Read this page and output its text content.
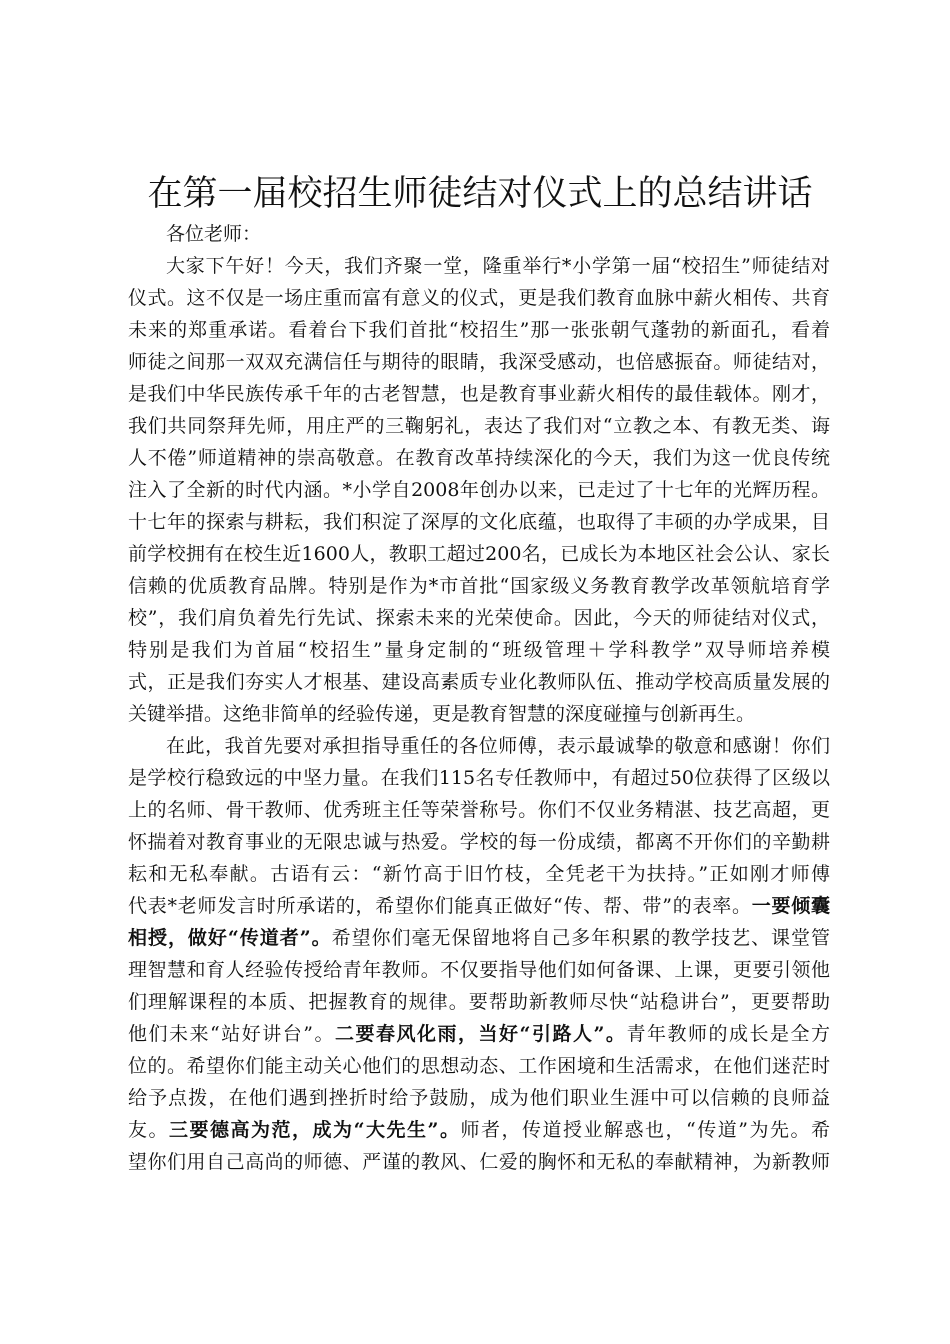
在第一届校招生师徒结对仪式上的总结讲话
各位老师：
大家下午好！今天，我们齐聚一堂，隆重举行*小学第一届“校招生”师徒结对
仪式。这不仅是一场庄重而富有意义的仪式，更是我们教育血脉中薪火相传、共育
未来的郑重承诺。看着台下我们首批“校招生”那一张张朝气蓬勃的新面孔，看着
师徒之间那一双双充满信任与期待的眼睛，我深受感动，也倍感振奋。师徒结对，
是我们中华民族传承千年的古老智慧，也是教育事业薪火相传的最佳载体。刚才，
我们共同祭拜先师，用庄严的三鞠躬礼，表达了我们对“立教之本、有教无类、诲
人不倦”师道精神的崇高敬意。在教育改革持续深化的今天，我们为这一优良传统
注入了全新的时代内涵。*小学自2008年创办以来，已走过了十七年的光辉历程。
十七年的探索与耕耘，我们积淀了深厚的文化底蕴，也取得了丰硕的办学成果，目
前学校拥有在校生近1600人，教职工超过200名，已成长为本地区社会公认、家长
信赖的优质教育品牌。特别是作为*市首批“国家级义务教育教学改革领航培育学
校”，我们肩负着先行先试、探索未来的光荣使命。因此，今天的师徒结对仪式，
特别是我们为首届“校招生”量身定制的“班级管理＋学科教学”双导师培养模
式，正是我们夯实人才根基、建设高素质专业化教师队伍、推动学校高质量发展的
关键举措。这绝非简单的经验传递，更是教育智慧的深度碰撞与创新再生。
在此，我首先要对承担指导重任的各位师傅，表示最诚挚的敬意和感谢！你们
是学校行稳致远的中坚力量。在我们115名专任教师中，有超过50位获得了区级以
上的名师、骨干教师、优秀班主任等荣誉称号。你们不仅业务精湛、技艺高超，更
怀揣着对教育事业的无限忠诚与热爱。学校的每一份成绩，都离不开你们的辛勤耕
耘和无私奉献。古语有云：“新竹高于旧竹枝，全凭老干为扶持。”正如刚才师傅
代表*老师发言时所承诺的，希望你们能真正做好“传、帮、带”的表率。一要倾囊
相授，做好“传道者”。希望你们毫无保留地将自己多年积累的教学技艺、课堂管
理智慧和育人经验传授给青年教师。不仅要指导他们如何备课、上课，更要引领他
们理解课程的本质、把握教育的规律。要帮助新教师尽快“站稳讲台”，更要帮助
他们未来“站好讲台”。二要春风化雨，当好“引路人”。青年教师的成长是全方
位的。希望你们能主动关心他们的思想动态、工作困境和生活需求，在他们迷茫时
给予点拨，在他们遇到挫折时给予鼓励，成为他们职业生涯中可以信赖的良师益
友。三要德高为范，成为“大先生”。师者，传道授业解惑也，“传道”为先。希
望你们用自己高尚的师德、严谨的教风、仁爱的胸怀和无私的奉献精神，为新教师
